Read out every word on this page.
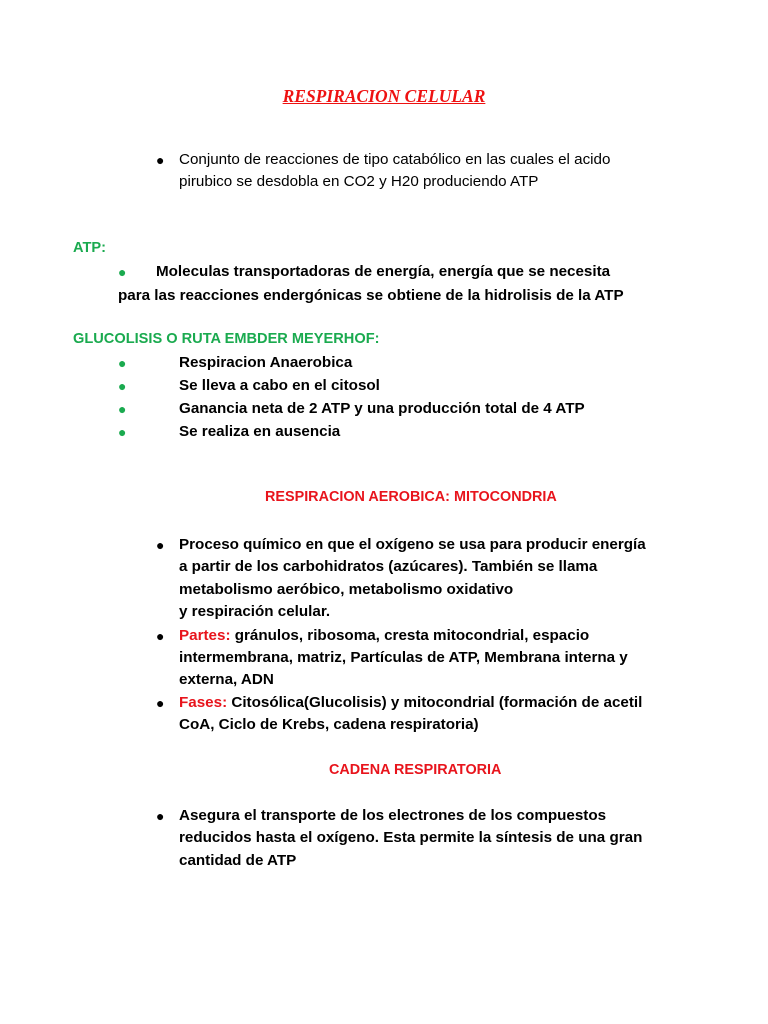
RESPIRACION CELULAR
● Conjunto de reacciones de tipo catabólico en las cuales el acido
pirubico se desdobla en CO2 y H20 produciendo ATP
ATP:
● Moleculas transportadoras de energía, energía que se necesita
para las reacciones endergónicas se obtiene de la hidrolisis de la ATP
GLUCOLISIS O RUTA EMBDER MEYERHOF:
●	Respiracion Anaerobica
●	Se lleva a cabo en el citosol
●	Ganancia neta de 2 ATP y una producción total de 4 ATP
●	Se realiza en ausencia
RESPIRACION AEROBICA: MITOCONDRIA
● Proceso químico en que el oxígeno se usa para producir energía
a partir de los carbohidratos (azúcares). También se llama
metabolismo aeróbico, metabolismo oxidativo
y respiración celular.
● Partes: gránulos, ribosoma, cresta mitocondrial, espacio
intermembrana, matriz, Partículas de ATP, Membrana interna y
externa, ADN
● Fases: Citosólica(Glucolisis) y mitocondrial (formación de acetil
CoA, Ciclo de Krebs, cadena respiratoria)
CADENA RESPIRATORIA
● Asegura el transporte de los electrones de los compuestos
reducidos hasta el oxígeno. Esta permite la síntesis de una gran
cantidad de ATP
